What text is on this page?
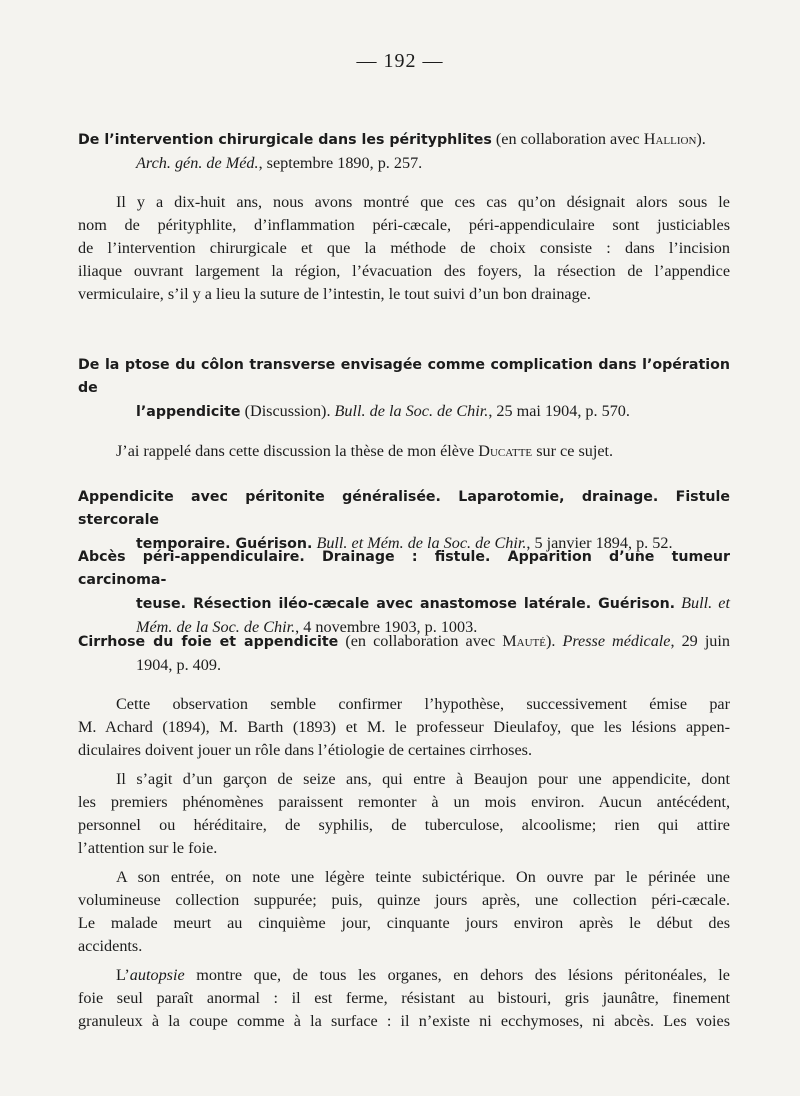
— 192 —
De l’intervention chirurgicale dans les pérityphlites (en collaboration avec Hallion).
Arch. gén. de Méd., septembre 1890, p. 257.
Il y a dix-huit ans, nous avons montré que ces cas qu’on désignait alors sous le
nom de pérityphlite, d’inflammation péri-cæcale, péri-appendiculaire sont justiciables
de l’intervention chirurgicale et que la méthode de choix consiste : dans l’incision
iliaque ouvrant largement la région, l’évacuation des foyers, la résection de l’appendice
vermiculaire, s’il y a lieu la suture de l’intestin, le tout suivi d’un bon drainage.
De la ptose du côlon transverse envisagée comme complication dans l’opération de
l’appendicite (Discussion). Bull. de la Soc. de Chir., 25 mai 1904, p. 570.
J’ai rappelé dans cette discussion la thèse de mon élève Ducatte sur ce sujet.
Appendicite avec péritonite généralisée. Laparotomie, drainage. Fistule stercorale
temporaire. Guérison. Bull. et Mém. de la Soc. de Chir., 5 janvier 1894, p. 52.
Abcès péri-appendiculaire. Drainage : fistule. Apparition d’une tumeur carcinoma-
teuse. Résection iléo-cæcale avec anastomose latérale. Guérison. Bull. et
Mém. de la Soc. de Chir., 4 novembre 1903, p. 1003.
Cirrhose du foie et appendicite (en collaboration avec Mauté). Presse médicale, 29 juin
1904, p. 409.
Cette observation semble confirmer l’hypothèse, successivement émise par
M. Achard (1894), M. Barth (1893) et M. le professeur Dieulafoy, que les lésions appen-
diculaires doivent jouer un rôle dans l’étiologie de certaines cirrhoses.
Il s’agit d’un garçon de seize ans, qui entre à Beaujon pour une appendicite, dont
les premiers phénomènes paraissent remonter à un mois environ. Aucun antécédent,
personnel ou héréditaire, de syphilis, de tuberculose, alcoolisme; rien qui attire
l’attention sur le foie.
A son entrée, on note une légère teinte subictérique. On ouvre par le périnée une
volumineuse collection suppurée; puis, quinze jours après, une collection péri-cæcale.
Le malade meurt au cinquième jour, cinquante jours environ après le début des
accidents.
L’autopsie montre que, de tous les organes, en dehors des lésions péritonéales, le
foie seul paraît anormal : il est ferme, résistant au bistouri, gris jaunâtre, finement
granuleux à la coupe comme à la surface : il n’existe ni ecchymoses, ni abcès. Les voies
